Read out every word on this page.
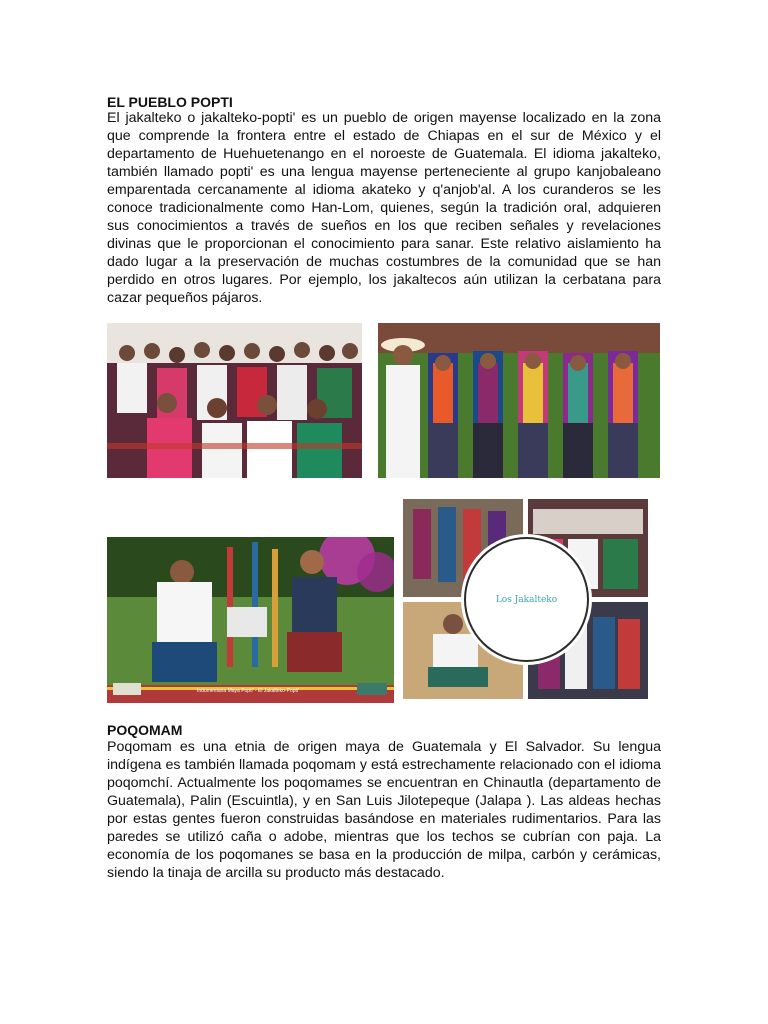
EL PUEBLO POPTI

El jakalteko o jakalteko-popti' es un pueblo de origen mayense localizado en la zona que comprende la frontera entre el estado de Chiapas en el sur de México y el departamento de Huehuetenango en el noroeste de Guatemala. El idioma jakalteko, también llamado popti' es una lengua mayense perteneciente al grupo kanjobaleano emparentada cercanamente al idioma akateko y q'anjob'al. A los curanderos se les conoce tradicionalmente como Han-Lom, quienes, según la tradición oral, adquieren sus conocimientos a través de sueños en los que reciben señales y revelaciones divinas que le proporcionan el conocimiento para sanar. Este relativo aislamiento ha dado lugar a la preservación de muchas costumbres de la comunidad que se han perdido en otros lugares. Por ejemplo, los jakaltecos aún utilizan la cerbatana para cazar pequeños pájaros.

Indumentaria Maya Popti' - El Jakalteko-Popti'
Los Jakalteko
POQOMAM

Poqomam es una etnia de origen maya de Guatemala y El Salvador. Su lengua indígena es también llamada poqomam y está estrechamente relacionado con el idioma poqomchí. Actualmente los poqomames se encuentran en Chinautla (departamento de Guatemala), Palin (Escuintla), y en San Luis Jilotepeque (Jalapa ). Las aldeas hechas por estas gentes fueron construidas basándose en materiales rudimentarios. Para las paredes se utilizó caña o adobe, mientras que los techos se cubrían con paja. La economía de los poqomanes se basa en la producción de milpa, carbón y cerámicas, siendo la tinaja de arcilla su producto más destacado.
